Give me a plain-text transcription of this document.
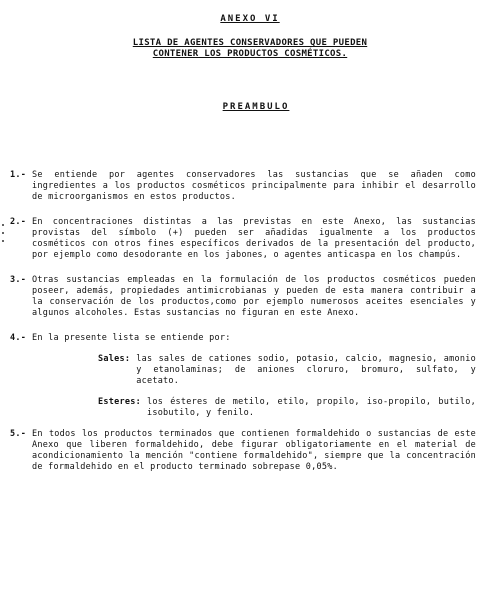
ANEXO VI
LISTA DE AGENTES CONSERVADORES QUE PUEDEN
CONTENER LOS PRODUCTOS COSMÉTICOS.
PREAMBULO
1.- Se entiende por agentes conservadores las sustancias que se añaden como ingredientes a los productos cosméticos principalmente para inhibir el desarrollo de microorganismos en estos productos.
2.- En concentraciones distintas a las previstas en este Anexo, las sustancias provistas del símbolo (+) pueden ser añadidas igualmente a los productos cosméticos con otros fines específicos derivados de la presentación del producto, por ejemplo como desodorante en los jabones, o agentes anticaspa en los champús.
3.- Otras sustancias empleadas en la formulación de los productos cosméticos pueden poseer, además, propiedades antimicrobianas y pueden de esta manera contribuir a la conservación de los productos,como por ejemplo numerosos aceites esenciales y algunos alcoholes. Estas sustancias no figuran en este Anexo.
4.- En la presente lista se entiende por:
Sales: las sales de cationes sodio, potasio, calcio, magnesio, amonio y etanolaminas; de aniones cloruro, bromuro, sulfato, y acetato.
Esteres: los ésteres de metilo, etilo, propilo, iso-propilo, butilo, isobutilo, y fenilo.
5.- En todos los productos terminados que contienen formaldehido o sustancias de este Anexo que liberen formaldehido, debe figurar obligatoriamente en el material de acondicionamiento la mención "contiene formaldehido", siempre que la concentración de formaldehido en el producto terminado sobrepase 0,05%.
